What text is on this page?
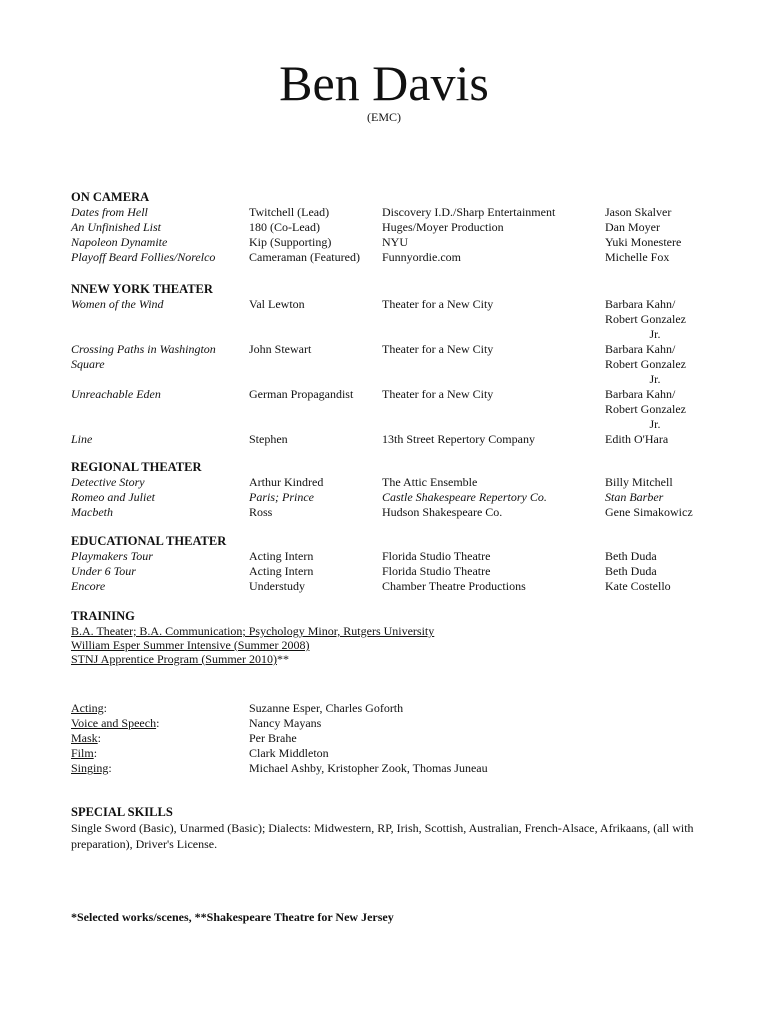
Ben Davis
(EMC)
ON CAMERA
Dates from Hell	Twitchell (Lead)	Discovery I.D./Sharp Entertainment	Jason Skalver
An Unfinished List	180 (Co-Lead)	Huges/Moyer Production	Dan Moyer
Napoleon Dynamite	Kip (Supporting)	NYU	Yuki Monestere
Playoff Beard Follies/Norelco	Cameraman (Featured)	Funnyordie.com	Michelle Fox
NNEW YORK THEATER
Women of the Wind	Val Lewton	Theater for a New City	Barbara Kahn/
Robert Gonzalez
Jr.
Crossing Paths in Washington Square
John Stewart	Theater for a New City	Barbara Kahn/
Robert Gonzalez
Jr.
Unreachable Eden	German Propagandist	Theater for a New City	Barbara Kahn/
Robert Gonzalez
Jr.
Line	Stephen	13th Street Repertory Company	Edith O'Hara
REGIONAL THEATER
Detective Story	Arthur Kindred	The Attic Ensemble	Billy Mitchell
Romeo and Juliet	Paris; Prince	Castle Shakespeare Repertory Co.	Stan Barber
Macbeth	Ross	Hudson Shakespeare Co.	Gene Simakowicz
EDUCATIONAL THEATER
Playmakers Tour	Acting Intern	Florida Studio Theatre	Beth Duda
Under 6 Tour	Acting Intern	Florida Studio Theatre	Beth Duda
Encore	Understudy	Chamber Theatre Productions	Kate Costello
TRAINING
B.A. Theater; B.A. Communication; Psychology Minor, Rutgers University
William Esper Summer Intensive (Summer 2008)
STNJ Apprentice Program (Summer 2010)**
Acting:	Suzanne Esper, Charles Goforth
Voice and Speech:	Nancy Mayans
Mask:	Per Brahe
Film:	Clark Middleton
Singing:	Michael Ashby, Kristopher Zook, Thomas Juneau
SPECIAL SKILLS
Single Sword (Basic), Unarmed (Basic); Dialects: Midwestern, RP, Irish, Scottish, Australian, French-Alsace, Afrikaans, (all with preparation), Driver's License.
*Selected works/scenes, **Shakespeare Theatre for New Jersey
